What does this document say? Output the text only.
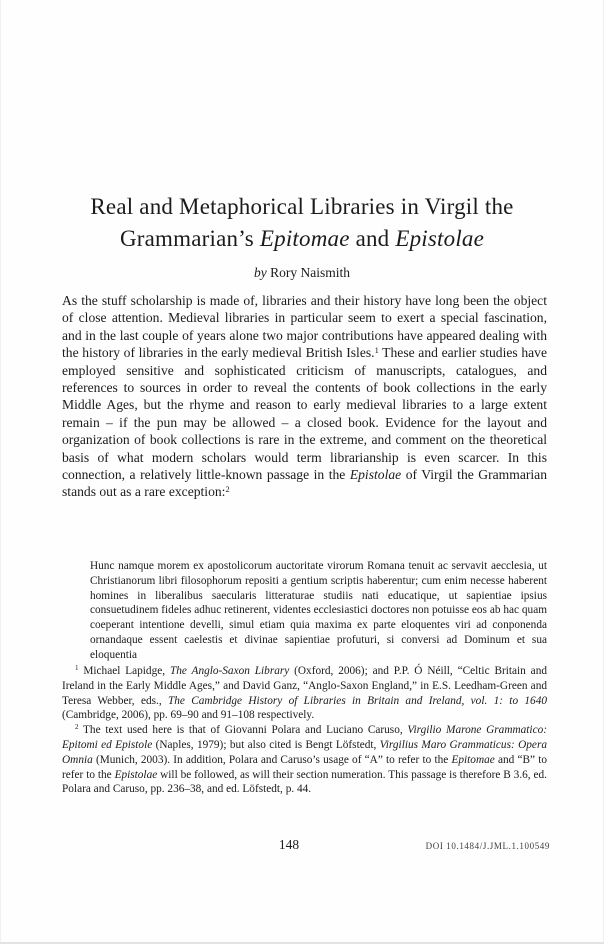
Real and Metaphorical Libraries in Virgil the
Grammarian’s Epitomae and Epistolae
by Rory Naismith

As the stuff scholarship is made of, libraries and their history have long been the object of close attention. Medieval libraries in particular seem to exert a special fascination, and in the last couple of years alone two major contributions have appeared dealing with the history of libraries in the early medieval British Isles.$^1$ These and earlier studies have employed sensitive and sophisticated criticism of manuscripts, catalogues, and references to sources in order to reveal the contents of book collections in the early Middle Ages, but the rhyme and reason to early medieval libraries to a large extent remain – if the pun may be allowed – a closed book. Evidence for the layout and organization of book collections is rare in the extreme, and comment on the theoretical basis of what modern scholars would term librarianship is even scarcer. In this connection, a relatively little-known passage in the Epistolae of Virgil the Grammarian stands out as a rare exception:$^2$

Hunc namque morem ex apostolicorum auctoritate virorum Romana tenuit ac servavit aecclesia, ut Christianorum libri filosophorum repositi a gentium scriptis haberentur; cum enim necesse haberent homines in liberalibus saecularis litteraturae studiis nati educatique, ut sapientiae ipsius consuetudinem fideles adhuc retinerent, videntes ecclesiastici doctores non potuisse eos ab hac quam coeperant intentione develli, simul etiam quia maxima ex parte eloquentes viri ad conponenda ornandaque essent caelestis et divinae sapientiae profuturi, si conversi ad Dominum et sua eloquentia

$^1$ Michael Lapidge, The Anglo-Saxon Library (Oxford, 2006); and P.P. Ó Néill, “Celtic Britain and Ireland in the Early Middle Ages,” and David Ganz, “Anglo-Saxon England,” in E.S. Leedham-Green and Teresa Webber, eds., The Cambridge History of Libraries in Britain and Ireland, vol. 1: to 1640 (Cambridge, 2006), pp. 69–90 and 91–108 respectively.

$^2$ The text used here is that of Giovanni Polara and Luciano Caruso, Virgilio Marone Grammatico: Epitomi ed Epistole (Naples, 1979); but also cited is Bengt Löfstedt, Virgilius Maro Grammaticus: Opera Omnia (Munich, 2003). In addition, Polara and Caruso’s usage of “A” to refer to the Epitomae and “B” to refer to the Epistolae will be followed, as will their section numeration. This passage is therefore B 3.6, ed. Polara and Caruso, pp. 236–38, and ed. Löfstedt, p. 44.

148	DOI 10.1484/J.JML.1.100549
